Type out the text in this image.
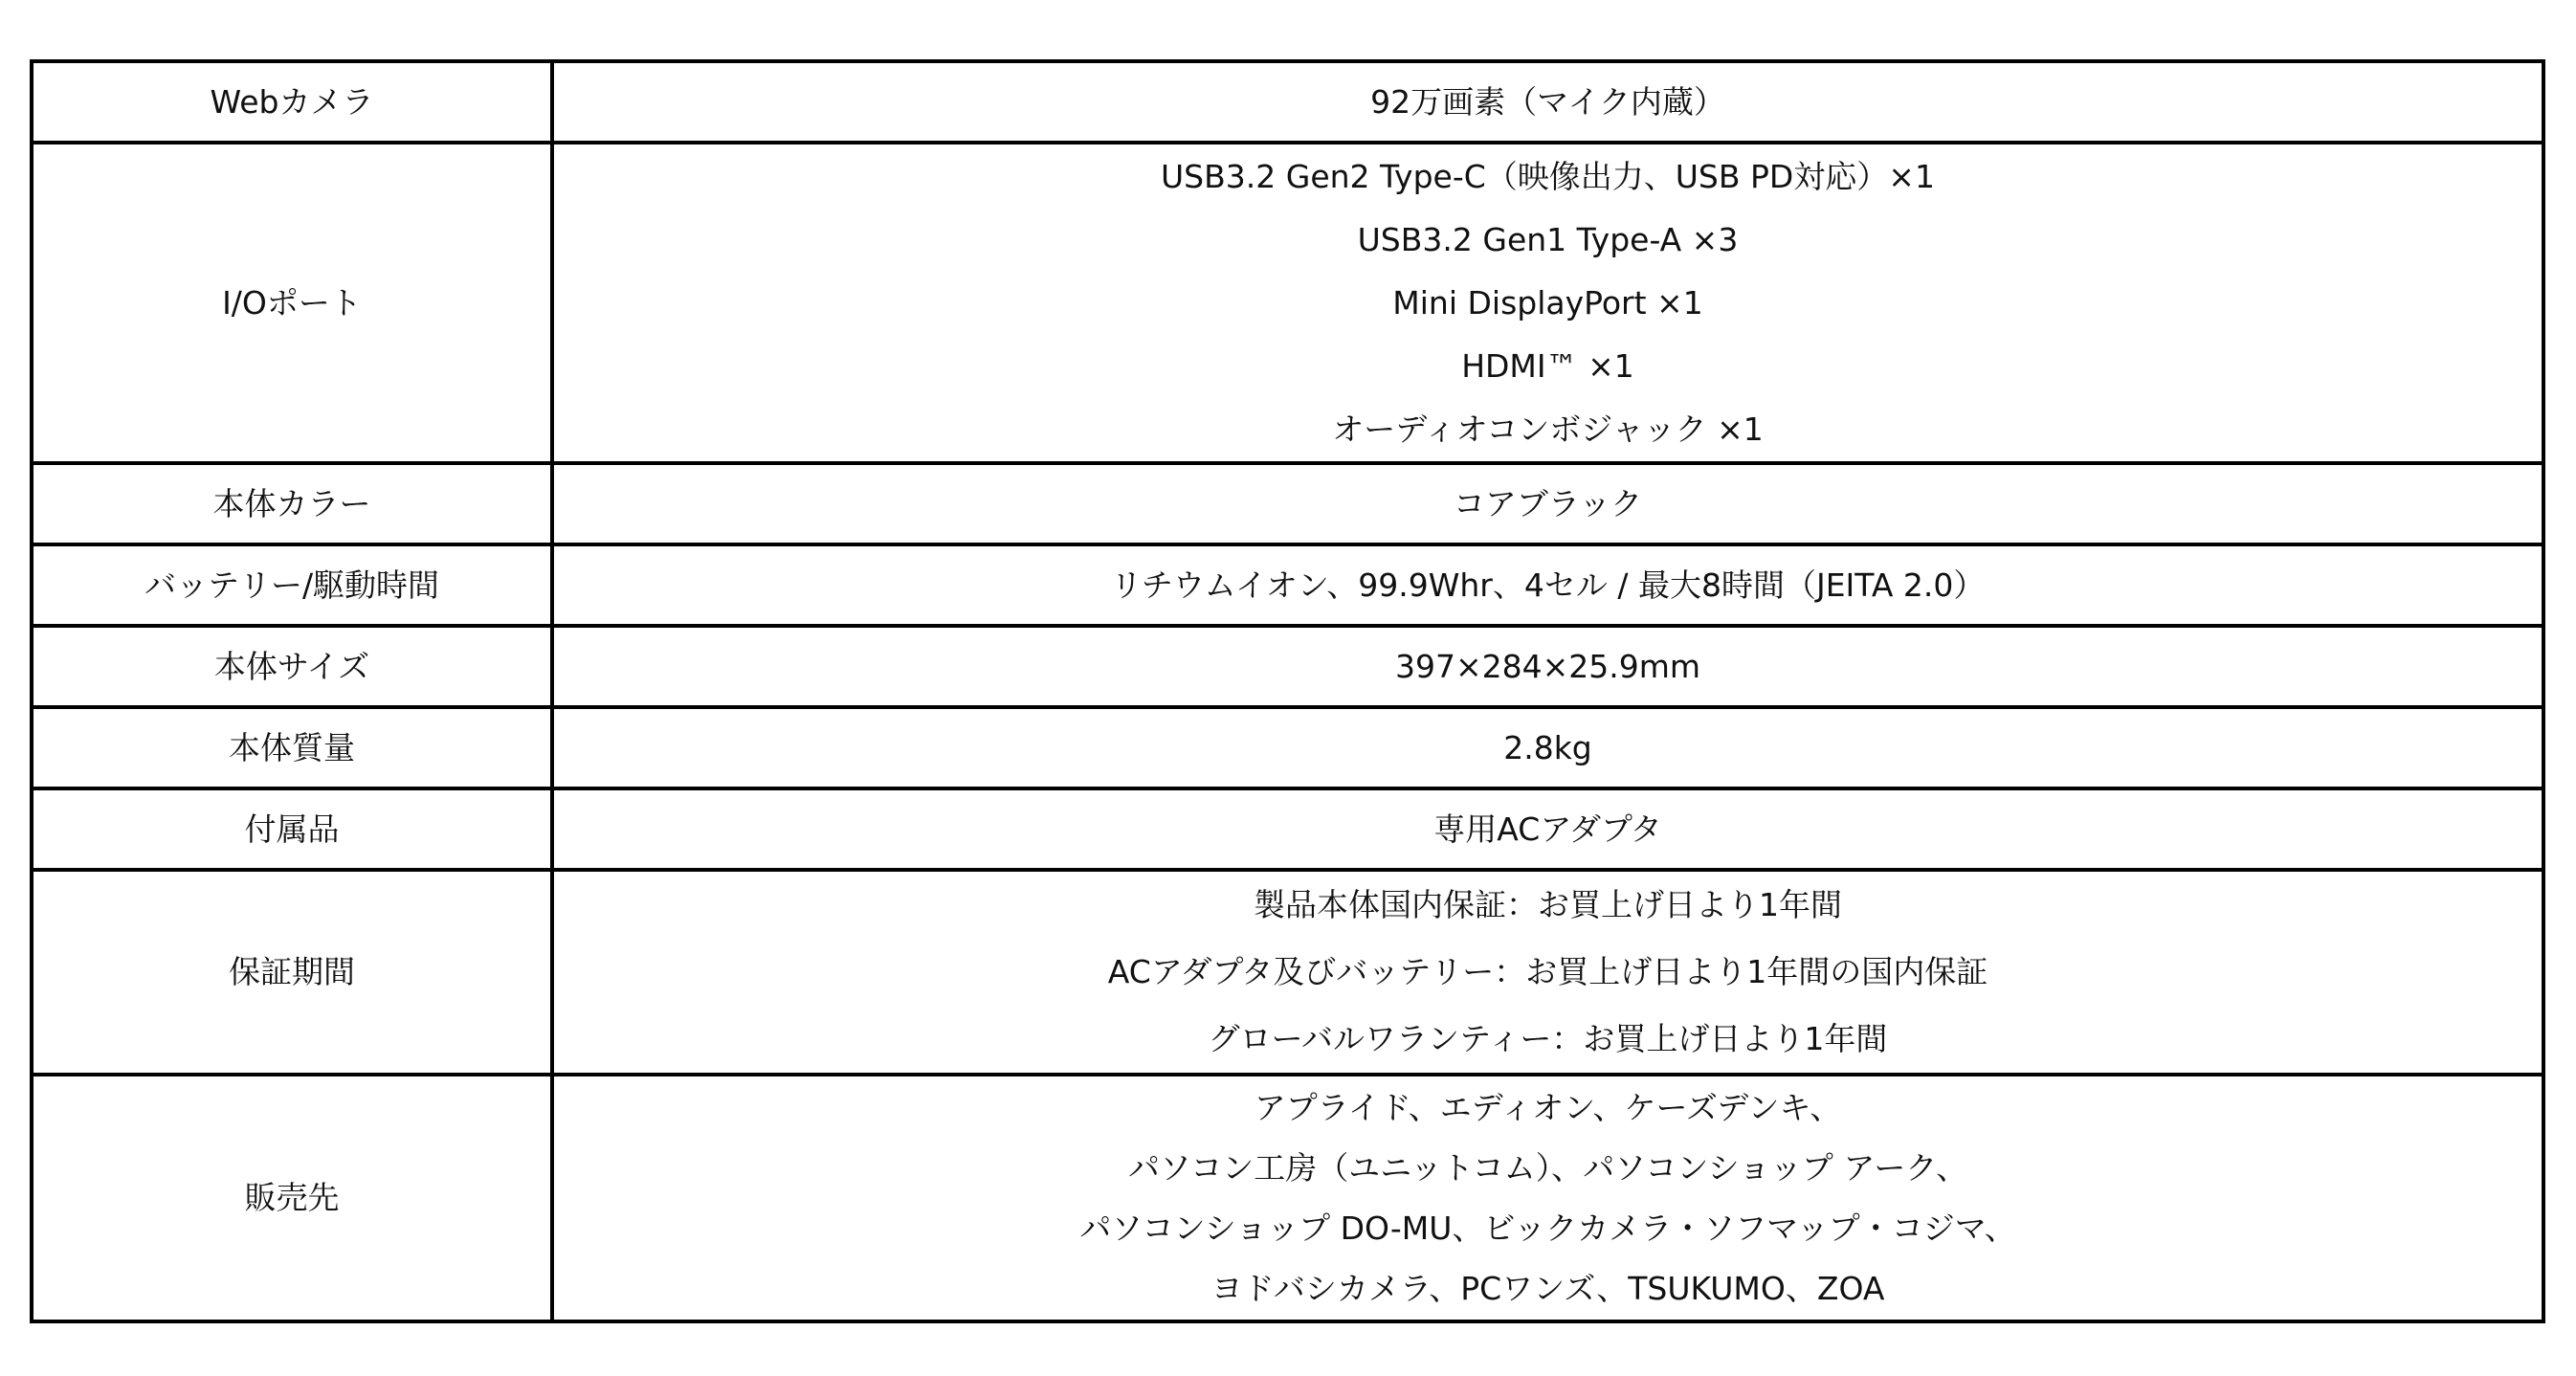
Webカメラ	92万画素（マイク内蔵）

I/Oポート	USB3.2 Gen2 Type-C（映像出力、USB PD対応）×1
USB3.2 Gen1 Type-A ×3
Mini DisplayPort ×1
HDMI™ ×1
オーディオコンボジャック ×1

本体カラー	コアブラック

バッテリー/駆動時間	リチウムイオン、99.9Whr、4セル / 最大8時間（JEITA 2.0）

本体サイズ	397×284×25.9mm

本体質量	2.8kg

付属品	専用ACアダプタ

保証期間	製品本体国内保証：お買上げ日より1年間
ACアダプタ及びバッテリー：お買上げ日より1年間の国内保証
グローバルワランティー：お買上げ日より1年間

販売先	アプライド、エディオン、ケーズデンキ、
パソコン工房（ユニットコム）、パソコンショップ アーク、
パソコンショップ DO-MU、ビックカメラ・ソフマップ・コジマ、
ヨドバシカメラ、PCワンズ、TSUKUMO、ZOA
